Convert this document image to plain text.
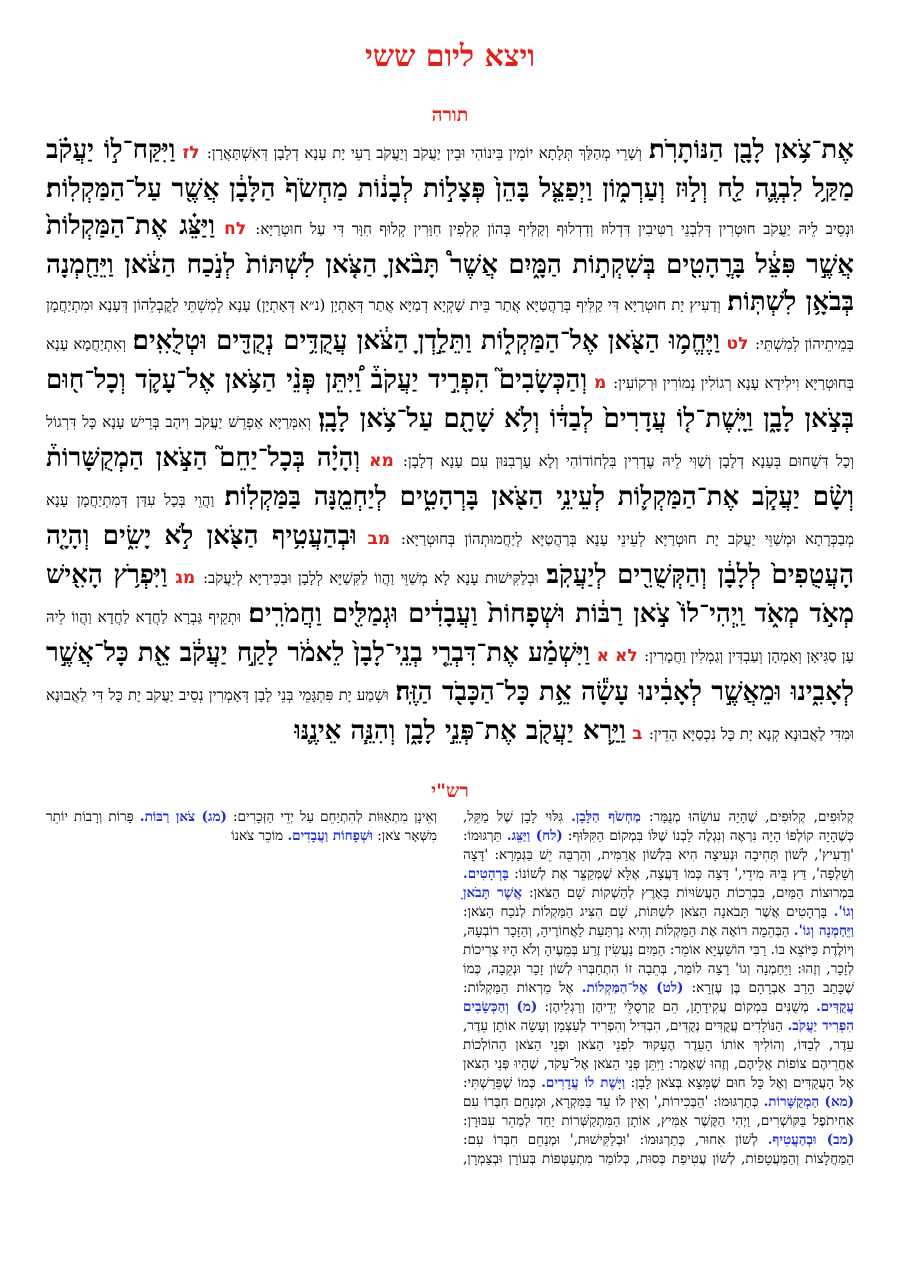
ויצא ליום ששי
תורה
אֶת־צֹ֥אן לָבָ֖ן הַנּוֹתָרֹֽת׃ וְשָׁרֵי מְהַלַּךְ תְּלָתָא יוֹמִין בֵּינוֹהִי וּבֵין יַעֲקֹב וְיַעֲקֹב רָעֵי יָת עָנָא דְלָבָן דְּאִשְׁתָּאֲרָן: לז וַיִּקַּח־ל֣וֹ יַעֲקֹ֗ב מַקַּ֥ל לִבְנֶ֛ה לַ֖ח וְל֣וּז וְעַרְמ֑וֹן וַיְפַצֵּ֤ל בָּהֵן֙ פְּצָל֣וֹת לְבָנ֔וֹת מַחְשֹׂף֙ הַלָּבָ֔ן אֲשֶׁ֖ר עַל־הַמַּקְלֽוֹת׃ וּנְסֵיב לֵיהּ יַעֲקֹב חוּטְרִין דְּלִבְנֵי רַטִּיבִין דִּדְלוּז וְדִדְלוּף וְקַלִּיף בְּהוֹן קִלְפִין חִוָּרִין קְלוּף חִוָּר דִּי עַל חוּטְרַיָּא: לח וַיַּצֵּ֗ג אֶת־הַמַּקְלוֹת֙ אֲשֶׁ֣ר פִּצֵּ֔ל בָּרֳהָטִ֖ים בְּשִׁקְת֣וֹת הַמָּ֑יִם אֲשֶׁר֩ תָּבֹ֨אןָ הַצֹּ֤אן לִשְׁתּוֹת֙ לְנֹ֣כַח הַצֹּ֔אן וַיֵּחַ֖מְנָה בְּבֹאָ֥ן לִשְׁתּֽוֹת׃ וְדַעִיץ יָת חוּטְרַיָּא דִּי קַלִּיף בְּרַהֲטַיָּא אֲתַר בֵּית שָׁקְיָא דְמַיָּא אֲתַר דְּאָתְיָן (נ״א דְּאָתְיָן) עָנָא לְמִשְׁתֵּי לָקֳבְלֵהוֹן דְּעָנָא וּמִתְיַחֲמָן בְּמֵיתֵיהוֹן לְמִשְׁתֵּי: לט וַיֶּחֱמ֥וּ הַצֹּ֖אן אֶל־הַמַּקְל֑וֹת וַתֵּלַ֣דְןָ הַצֹּ֔אן עֲקֻדִּ֥ים נְקֻדִּ֖ים וּטְלֻאִֽים׃ וְאִתְיַחֲמָא עָנָא בְּחוּטְרַיָּא וִילִידָא עָנָא רְגוֹלִין נְמוֹרִין וּרְקוֹעִין: מ וְהַכְּשָׂבִים֮ הִפְרִ֣יד יַעֲקֹב֒ וַ֠יִּתֵּן פְּנֵ֨י הַצֹּ֥אן אֶל־עָקֹ֛ד וְכָל־ח֖וּם בְּצֹ֣אן לָבָ֑ן וַיָּֽשֶׁת־ל֤וֹ עֲדָרִים֙ לְבַדּ֔וֹ וְלֹ֥א שָׁתָ֖ם עַל־צֹ֥אן לָבָֽן׃ וְאִמְּרַיָּא אַפְרֵשׁ יַעֲקֹב וִיהַב בְּרֵישׁ עָנָא כָּל דִּרְגוֹל וְכָל דִּשְׁחוּם בְּעָנָא דְלָבָן וְשַׁוִּי לֵיהּ עֶדְרִין בִּלְחוֹדוֹהִי וְלָא עָרְבִנּוּן עִם עָנָא דְלָבָן: מא וְהָיָ֗ה בְּכָל־יַחֵם֮ הַצֹּ֣אן הַמְקֻשָּׁרוֹת֒ וְשָׂ֨ם יַעֲקֹ֧ב אֶת־הַמַּקְל֛וֹת לְעֵינֵ֥י הַצֹּ֖אן בָּרְהָטִ֑ים לְיַחְמֵ֖נָּה בַּמַּקְלֽוֹת׃ וַהֲוֵי בְּכָל עִדַּן דְּמִתְיַחֲמָן עָנָא מְבַכְּרָתָא וּמְשַׁוֵּי יַעֲקֹב יָת חוּטְרַיָּא לְעֵינֵי עָנָא בְּרַהֲטַיָּא לְיַחֲמוּתְהוֹן בְּחוּטְרַיָּא: מב וּבְהַעֲטִ֥יף הַצֹּ֖אן לֹ֣א יָשִׂ֑ים וְהָיָ֤ה הָעֲטֻפִים֙ לְלָבָ֔ן וְהַקְּשֻׁרִ֖ים לְיַעֲקֹֽב׃ וּבְלַקִּישׁוּת עָנָא לָא מְשַׁוֵּי וַהֲווֹ לַקִּשַׁיָּא לְלָבָן וּבַכִּירַיָּא לְיַעֲקֹב: מג וַיִּפְרֹ֥ץ הָאִ֖ישׁ מְאֹ֣ד מְאֹ֑ד וַֽיְהִי־לוֹ֙ צֹ֣אן רַבּ֔וֹת וּשְׁפָחוֹת֙ וַעֲבָדִ֔ים וּגְמַלִּ֖ים וַחֲמֹרִֽים׃ וּתְקֵיף גַּבְרָא לַחֲדָא לַחֲדָא וַהֲווֹ לֵיהּ עָן סַגִּיאָן וְאַמְהָן וְעַבְדִּין וְגַמְלִין וַחֲמָרִין: לא א וַיִּשְׁמַ֗ע אֶת־דִּבְרֵ֤י בְנֵֽי־לָבָן֙ לֵאמֹ֔ר לָקַ֣ח יַעֲקֹ֔ב אֵ֖ת כָּל־אֲשֶׁ֣ר לְאָבִ֑ינוּ וּמֵאֲשֶׁ֣ר לְאָבִ֔ינוּ עָשָׂ֕ה אֵ֥ת כָּל־הַכָּבֹ֖ד הַזֶּֽה׃ וּשְׁמַע יָת פִּתְגָּמֵי בְּנֵי לָבָן דְּאָמְרִין נְסֵיב יַעֲקֹב יָת כָּל דִּי לַאֲבוּנָא וּמִדִּי לַאֲבוּנָא קְנָא יָת כָּל נִכְסַיָּא הָדֵין: ב וַיַּ֥רְא יַעֲקֹ֖ב אֶת־פְּנֵ֣י לָבָ֑ן וְהִנֵּ֧ה אֵינֶ֛נּוּ
רש"י
קְלוּפִים, קְלוּפִים, שֶׁהָיָה עוֹשֵׂהוּ מְנֻמָּר: מַחְשֹׂף הַלָּבָן. גִּלּוּי לָבָן שֶׁל מַקֵּל, כְּשֶׁהָיָה קוֹלְפוֹ הָיָה נִרְאֶה וְנִגְלֶה לָבְנוֹ שֶׁלּוֹ בִּמְקוֹם הַקִּלּוּף: (לח) וַיַּצֵּג. תַּרְגּוּמוֹ: 'וְדַעִיץ', לְשׁוֹן תְּחִיבָה וּנְעִיצָה הִיא בִּלְשׁוֹן אֲרַמִּית, וְהַרְבֵּה יֵשׁ בַּגְּמָרָא: 'דָּצָה וְשָׁלְפָה', דַּץ בֵּיהּ מִידֵי,' דָּצָה כְּמוֹ דַּעֲצָה, אֶלָּא שֶׁמְּקַצֵּר אֶת לְשׁוֹנוֹ: בָּרְהָטִים. בִּמְרוּצוֹת הַמַּיִם, בִּבְרֵכוֹת הָעֲשׂוּיוֹת בָּאָרֶץ לְהַשְׁקוֹת שָׁם הַצֹּאן: אֲשֶׁר תָּבֹאןָ וְגוֹ'. בָּרְהָטִים אֲשֶׁר תָּבֹאנָה הַצֹּאן לִשְׁתּוֹת, שָׁם הִצִּיג הַמַּקְלוֹת לְנֹכַח הַצֹּאן: וַיֵּחַמְנָה וְגוֹ'. הַבְּהֵמָה רוֹאָה אֶת הַמַּקְלוֹת וְהִיא נִרְתַּעַת לַאֲחוֹרֶיהָ, וְהַזָּכָר רוֹבְעָהּ, וְיוֹלֶדֶת כַּיּוֹצֵא בּוֹ. רַבִּי הוֹשַׁעְיָא אוֹמֵר: הַמַּיִם נַעֲשִׂין זֶרַע בְּמֵעֶיהָ וְלֹא הָיוּ צְרִיכוֹת לְזָכָר, וְזֶהוּ: וַיֵּחַמְנָה וְגוֹ' רָצָה לוֹמַר, בְּתֵבָה זוֹ הִתְחַבְּרוּ לְשׁוֹן זָכָר וּנְקֵבָה, כְּמוֹ שֶׁכָּתַב הָרַב אַבְרָהָם בֶּן עֶזְרָא: (לט) אֶל־הַמַּקְלוֹת. אֶל מַרְאוֹת הַמַּקְלוֹת: עֲקֻדִּים. מְשֻׁנִּים בִּמְקוֹם עֲקִידָתָן, הֵם קַרְסֻלֵּי יְדֵיהֶן וְרַגְלֵיהֶן: (מ) וְהַכְּשָׂבִים הִפְרִיד יַעֲקֹב. הַנּוֹלָדִים עֲקֻדִּים נְקֻדִּים, הִבְדִּיל וְהִפְרִיד לְעַצְמָן וְעָשָׂה אוֹתָן עֵדֶר, עֵדֶר, לְבַדּוֹ, וְהוֹלִיךְ אוֹתוֹ הָעֵדֶר הֶעָקוּד לִפְנֵי הַצֹּאן וּפְנֵי הַצֹּאן הַהוֹלְכוֹת אַחֲרֵיהֶם צוֹפוֹת אֲלֵיהֶם, וְזֶהוּ שֶׁאָמַר: וַיִּתֵּן פְּנֵי הַצֹּאן אֶל־עָקֹד, שֶׁהָיוּ פְּנֵי הַצֹּאן אֶל הָעֲקֻדִּים וְאֶל כָּל חוּם שֶׁמָּצָא בְּצֹאן לָבָן: וַיָּשֶׁת לוֹ עֲדָרִים. כְּמוֹ שֶׁפֵּרַשְׁתִּי: (מא) הַמְקֻשָּׁרוֹת. כְּתַרְגּוּמוֹ: 'הַבְּכִירוֹת,' וְאֵין לוֹ עֵד בַּמִּקְרָא, וּמְנַחֵם חִבְּרוֹ עִם אַחִיתֹפֶל בַּקּוֹשְׁרִים, וַיְהִי הַקֶּשֶׁר אַמִּיץ, אוֹתָן הַמִּתְקַשְּׁרוֹת יַחַד לְמַהֵר עִבּוּרָן: (מב) וּבְהַעֲטִיף. לְשׁוֹן אִחוּר, כְּתַרְגּוּמוֹ: 'וּבְלַקִּישׁוּת,' וּמְנַחֵם חִבְּרוֹ עִם: הַמַּחֲלָצוֹת וְהַמַּעֲטָפוֹת, לְשׁוֹן עֲטִיפַת כְּסוּת, כְּלוֹמַר מִתְעַטְּפוֹת בְּעוֹרָן וּבְצַמְרָן, וְאֵינָן מִתְאַוּוֹת לְהִתְיַחֵם עַל יְדֵי הַזְּכָרִים: (מג) צֹאן רַבּוֹת. פָּרוֹת וְרָבוֹת יוֹתֵר מִשְּׁאָר צֹאן: וּשְׁפָחוֹת וַעֲבָדִים. מוֹכֵר צֹאנוֹ
